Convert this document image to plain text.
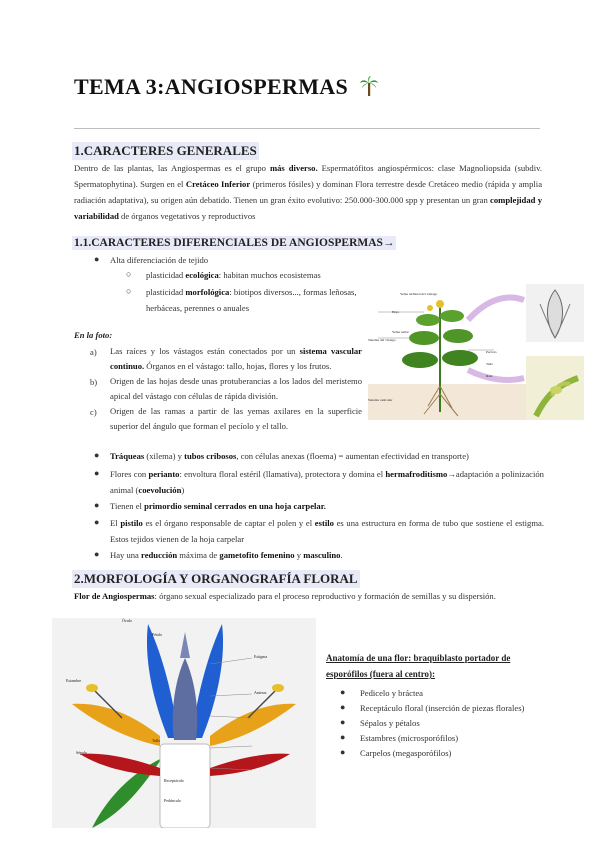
TEMA 3:ANGIOSPERMAS
1.CARACTERES GENERALES
Dentro de las plantas, las Angiospermas es el grupo más diverso. Espermatófitos angiospérmicos: clase Magnoliopsida (subdiv. Spermatophytina). Surgen en el Cretáceo Inferior (primeros fósiles) y dominan Flora terrestre desde Cretáceo medio (rápida y amplia radiación adaptativa), su origen aún debatido. Tienen un gran éxito evolutivo: 250.000-300.000 spp y presentan un gran complejidad y variabilidad de órganos vegetativos y reproductivos
1.1.CARACTERES DIFERENCIALES DE ANGIOSPERMAS→
● Alta diferenciación de tejido
○ plasticidad ecológica: habitan muchos ecosistemas
○ plasticidad morfológica: biotipos diversos..., formas leñosas, herbáceas, perennes o anuales
En la foto:
a) Las raíces y los vástagos están conectados por un sistema vascular continuo. Órganos en el vástago: tallo, hojas, flores y los frutos.
b) Origen de las hojas desde unas protuberancias a los lados del meristemo apical del vástago con células de rápida división.
c) Origen de las ramas a partir de las yemas axilares en la superficie superior del ángulo que forman el pecíolo y el tallo.
Yema terminal del vástago
Hoja
Yema axilar
Pecíolo
Sistema del vástago
Sistema radicular
Tallo
Raíz
● Tráqueas (xilema) y tubos cribosos, con células anexas (floema) = aumentan efectividad en transporte)
● Flores con perianto: envoltura floral estéril (llamativa), protectora y domina el hermafroditismo→adaptación a polinización animal (coevolución)
● Tienen el primordio seminal cerrados en una hoja carpelar.
● El pistilo es el órgano responsable de captar el polen y el estilo es una estructura en forma de tubo que sostiene el estigma. Estos tejidos vienen de la hoja carpelar
● Hay una reducción máxima de gametofito femenino y masculino.
2.MORFOLOGÍA Y ORGANOGRAFÍA FLORAL
Flor de Angiospermas: órgano sexual especializado para el proceso reproductivo y formación de semillas y su dispersión.
Óvulo
Tallo
Pétalo
Estambre
Sépalo
Receptáculo
Pedúnculo
Estigma
Anteras
Anatomía de una flor: braquiblasto portador de esporófilos (fuera al centro):
● Pedicelo y bráctea
● Receptáculo floral (inserción de piezas florales)
● Sépalos y pétalos
● Estambres (microsporófilos)
● Carpelos (megasporófilos)
